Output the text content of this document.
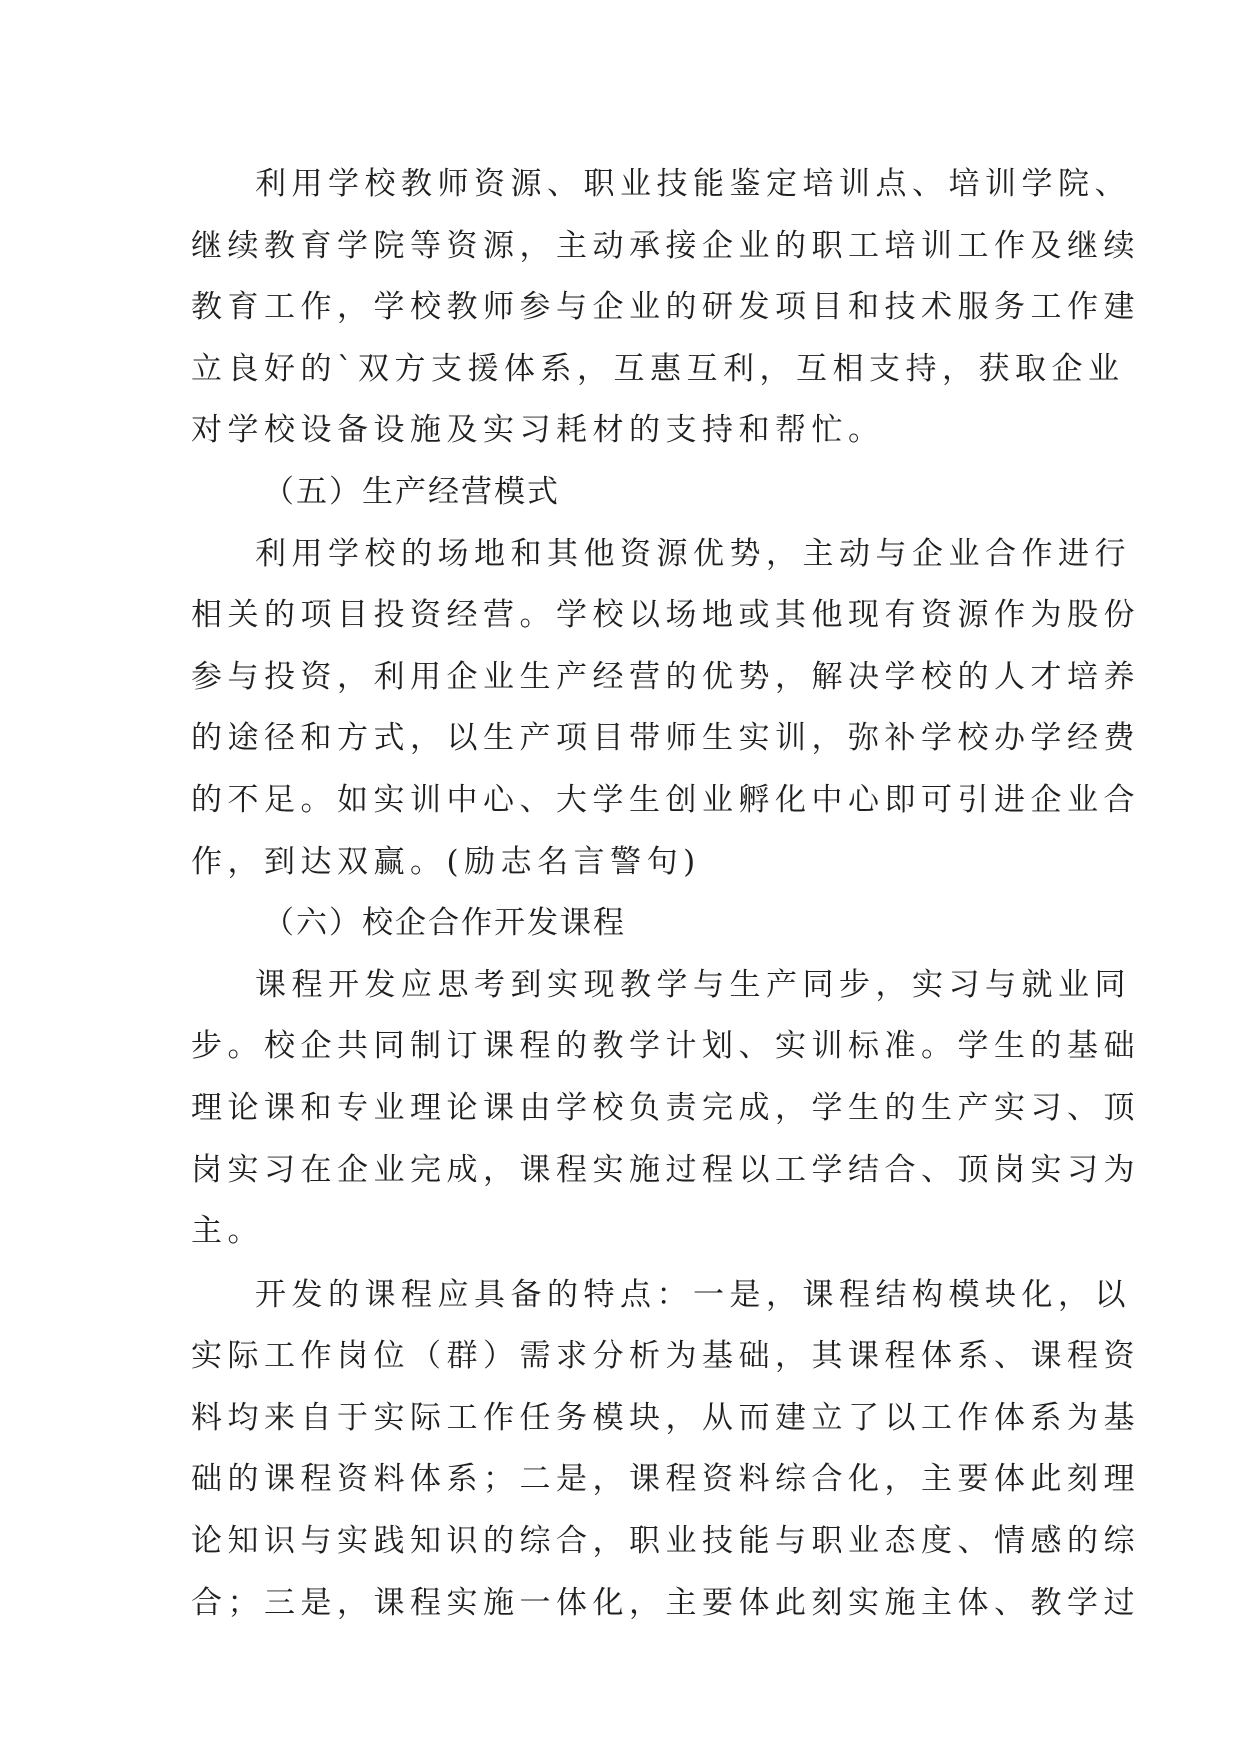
利用学校教师资源、职业技能鉴定培训点、培训学院、
继续教育学院等资源，主动承接企业的职工培训工作及继续
教育工作，学校教师参与企业的研发项目和技术服务工作建
立良好的`双方支援体系，互惠互利，互相支持，获取企业
对学校设备设施及实习耗材的支持和帮忙。
（五）生产经营模式
利用学校的场地和其他资源优势，主动与企业合作进行
相关的项目投资经营。学校以场地或其他现有资源作为股份
参与投资，利用企业生产经营的优势，解决学校的人才培养
的途径和方式，以生产项目带师生实训，弥补学校办学经费
的不足。如实训中心、大学生创业孵化中心即可引进企业合
作，到达双赢。(励志名言警句)
（六）校企合作开发课程
课程开发应思考到实现教学与生产同步，实习与就业同
步。校企共同制订课程的教学计划、实训标准。学生的基础
理论课和专业理论课由学校负责完成，学生的生产实习、顶
岗实习在企业完成，课程实施过程以工学结合、顶岗实习为
主。
开发的课程应具备的特点：一是，课程结构模块化，以
实际工作岗位（群）需求分析为基础，其课程体系、课程资
料均来自于实际工作任务模块，从而建立了以工作体系为基
础的课程资料体系；二是，课程资料综合化，主要体此刻理
论知识与实践知识的综合，职业技能与职业态度、情感的综
合；三是，课程实施一体化，主要体此刻实施主体、教学过
